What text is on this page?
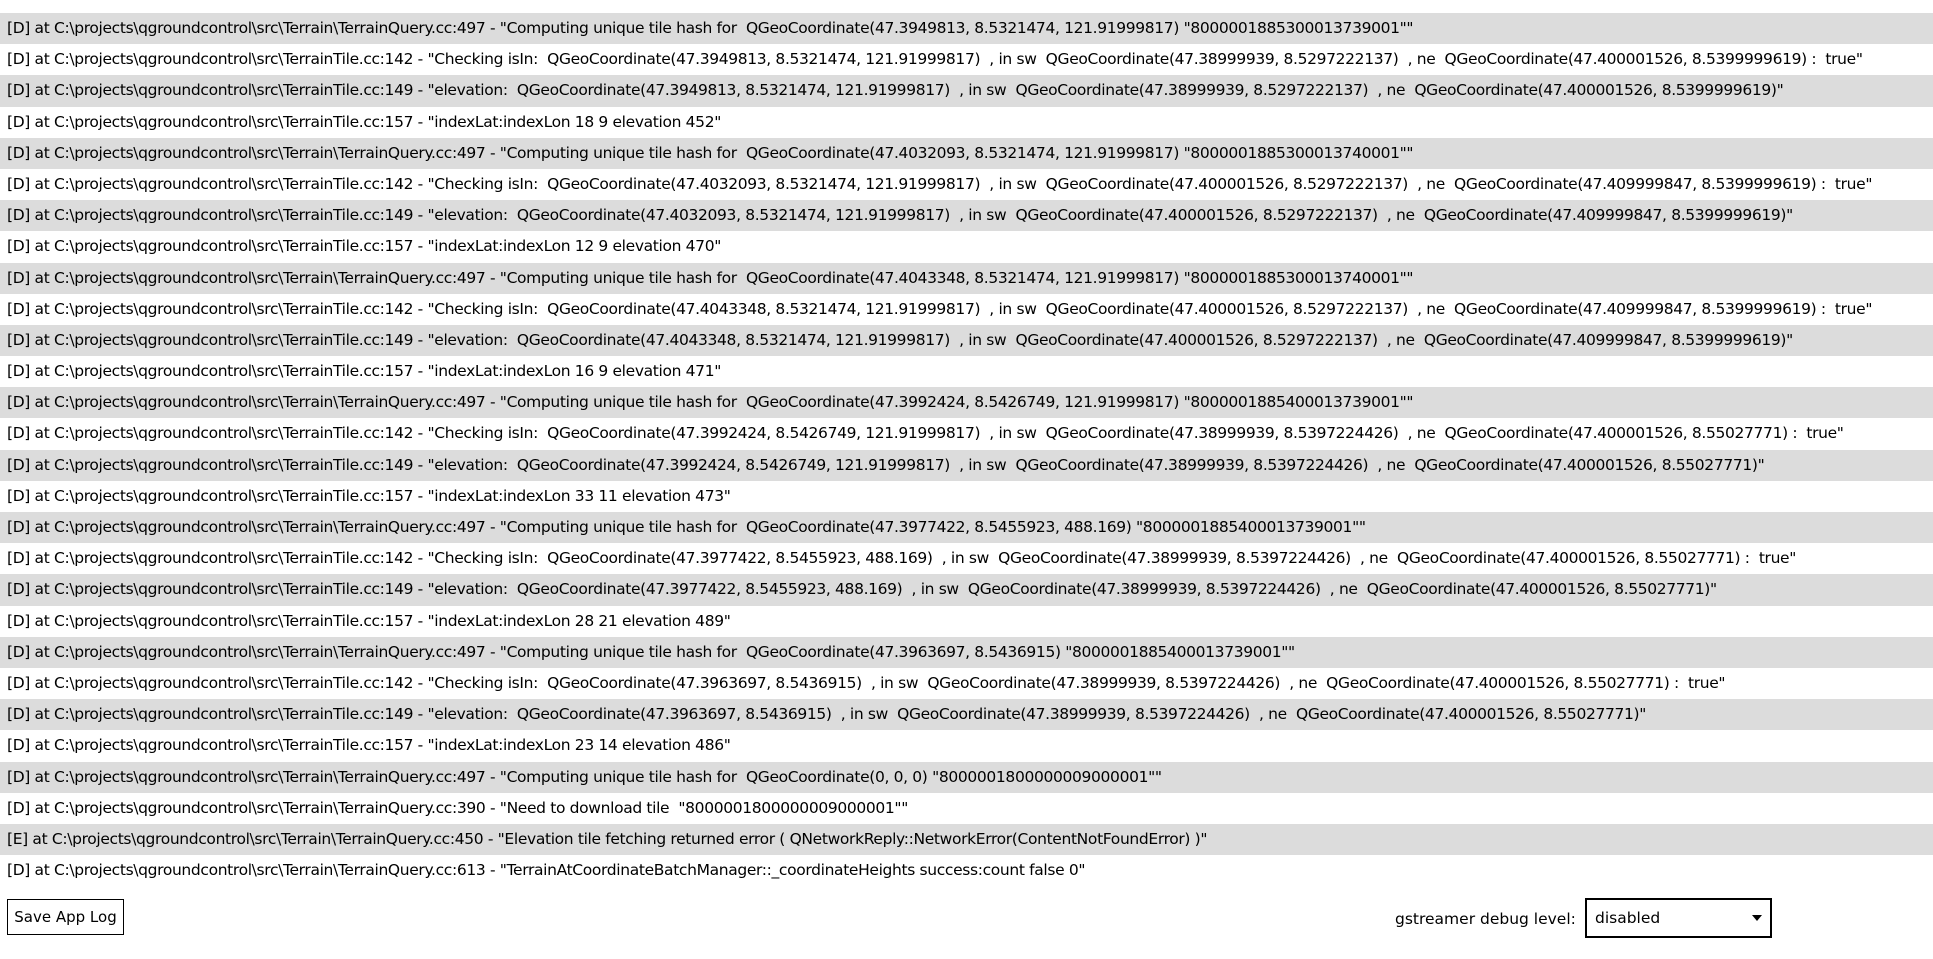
[D] at C:\projects\qgroundcontrol\src\Terrain\TerrainQuery.cc:497 - "Computing unique tile hash for  QGeoCoordinate(47.3949813, 8.5321474, 121.91999817) "8000001885300013739001""
[D] at C:\projects\qgroundcontrol\src\TerrainTile.cc:142 - "Checking isIn:  QGeoCoordinate(47.3949813, 8.5321474, 121.91999817)  , in sw  QGeoCoordinate(47.38999939, 8.5297222137)  , ne  QGeoCoordinate(47.400001526, 8.5399999619) :  true"
[D] at C:\projects\qgroundcontrol\src\TerrainTile.cc:149 - "elevation:  QGeoCoordinate(47.3949813, 8.5321474, 121.91999817)  , in sw  QGeoCoordinate(47.38999939, 8.5297222137)  , ne  QGeoCoordinate(47.400001526, 8.5399999619)"
[D] at C:\projects\qgroundcontrol\src\TerrainTile.cc:157 - "indexLat:indexLon 18 9 elevation 452"
[D] at C:\projects\qgroundcontrol\src\Terrain\TerrainQuery.cc:497 - "Computing unique tile hash for  QGeoCoordinate(47.4032093, 8.5321474, 121.91999817) "8000001885300013740001""
[D] at C:\projects\qgroundcontrol\src\TerrainTile.cc:142 - "Checking isIn:  QGeoCoordinate(47.4032093, 8.5321474, 121.91999817)  , in sw  QGeoCoordinate(47.400001526, 8.5297222137)  , ne  QGeoCoordinate(47.409999847, 8.5399999619) :  true"
[D] at C:\projects\qgroundcontrol\src\TerrainTile.cc:149 - "elevation:  QGeoCoordinate(47.4032093, 8.5321474, 121.91999817)  , in sw  QGeoCoordinate(47.400001526, 8.5297222137)  , ne  QGeoCoordinate(47.409999847, 8.5399999619)"
[D] at C:\projects\qgroundcontrol\src\TerrainTile.cc:157 - "indexLat:indexLon 12 9 elevation 470"
[D] at C:\projects\qgroundcontrol\src\Terrain\TerrainQuery.cc:497 - "Computing unique tile hash for  QGeoCoordinate(47.4043348, 8.5321474, 121.91999817) "8000001885300013740001""
[D] at C:\projects\qgroundcontrol\src\TerrainTile.cc:142 - "Checking isIn:  QGeoCoordinate(47.4043348, 8.5321474, 121.91999817)  , in sw  QGeoCoordinate(47.400001526, 8.5297222137)  , ne  QGeoCoordinate(47.409999847, 8.5399999619) :  true"
[D] at C:\projects\qgroundcontrol\src\TerrainTile.cc:149 - "elevation:  QGeoCoordinate(47.4043348, 8.5321474, 121.91999817)  , in sw  QGeoCoordinate(47.400001526, 8.5297222137)  , ne  QGeoCoordinate(47.409999847, 8.5399999619)"
[D] at C:\projects\qgroundcontrol\src\TerrainTile.cc:157 - "indexLat:indexLon 16 9 elevation 471"
[D] at C:\projects\qgroundcontrol\src\Terrain\TerrainQuery.cc:497 - "Computing unique tile hash for  QGeoCoordinate(47.3992424, 8.5426749, 121.91999817) "8000001885400013739001""
[D] at C:\projects\qgroundcontrol\src\TerrainTile.cc:142 - "Checking isIn:  QGeoCoordinate(47.3992424, 8.5426749, 121.91999817)  , in sw  QGeoCoordinate(47.38999939, 8.5397224426)  , ne  QGeoCoordinate(47.400001526, 8.55027771) :  true"
[D] at C:\projects\qgroundcontrol\src\TerrainTile.cc:149 - "elevation:  QGeoCoordinate(47.3992424, 8.5426749, 121.91999817)  , in sw  QGeoCoordinate(47.38999939, 8.5397224426)  , ne  QGeoCoordinate(47.400001526, 8.55027771)"
[D] at C:\projects\qgroundcontrol\src\TerrainTile.cc:157 - "indexLat:indexLon 33 11 elevation 473"
[D] at C:\projects\qgroundcontrol\src\Terrain\TerrainQuery.cc:497 - "Computing unique tile hash for  QGeoCoordinate(47.3977422, 8.5455923, 488.169) "8000001885400013739001""
[D] at C:\projects\qgroundcontrol\src\TerrainTile.cc:142 - "Checking isIn:  QGeoCoordinate(47.3977422, 8.5455923, 488.169)  , in sw  QGeoCoordinate(47.38999939, 8.5397224426)  , ne  QGeoCoordinate(47.400001526, 8.55027771) :  true"
[D] at C:\projects\qgroundcontrol\src\TerrainTile.cc:149 - "elevation:  QGeoCoordinate(47.3977422, 8.5455923, 488.169)  , in sw  QGeoCoordinate(47.38999939, 8.5397224426)  , ne  QGeoCoordinate(47.400001526, 8.55027771)"
[D] at C:\projects\qgroundcontrol\src\TerrainTile.cc:157 - "indexLat:indexLon 28 21 elevation 489"
[D] at C:\projects\qgroundcontrol\src\Terrain\TerrainQuery.cc:497 - "Computing unique tile hash for  QGeoCoordinate(47.3963697, 8.5436915) "8000001885400013739001""
[D] at C:\projects\qgroundcontrol\src\TerrainTile.cc:142 - "Checking isIn:  QGeoCoordinate(47.3963697, 8.5436915)  , in sw  QGeoCoordinate(47.38999939, 8.5397224426)  , ne  QGeoCoordinate(47.400001526, 8.55027771) :  true"
[D] at C:\projects\qgroundcontrol\src\TerrainTile.cc:149 - "elevation:  QGeoCoordinate(47.3963697, 8.5436915)  , in sw  QGeoCoordinate(47.38999939, 8.5397224426)  , ne  QGeoCoordinate(47.400001526, 8.55027771)"
[D] at C:\projects\qgroundcontrol\src\TerrainTile.cc:157 - "indexLat:indexLon 23 14 elevation 486"
[D] at C:\projects\qgroundcontrol\src\Terrain\TerrainQuery.cc:497 - "Computing unique tile hash for  QGeoCoordinate(0, 0, 0) "8000001800000009000001""
[D] at C:\projects\qgroundcontrol\src\Terrain\TerrainQuery.cc:390 - "Need to download tile  "8000001800000009000001""
[E] at C:\projects\qgroundcontrol\src\Terrain\TerrainQuery.cc:450 - "Elevation tile fetching returned error ( QNetworkReply::NetworkError(ContentNotFoundError) )"
[D] at C:\projects\qgroundcontrol\src\Terrain\TerrainQuery.cc:613 - "TerrainAtCoordinateBatchManager::_coordinateHeights success:count false 0"
Save App Log	gstreamer debug level: disabled
